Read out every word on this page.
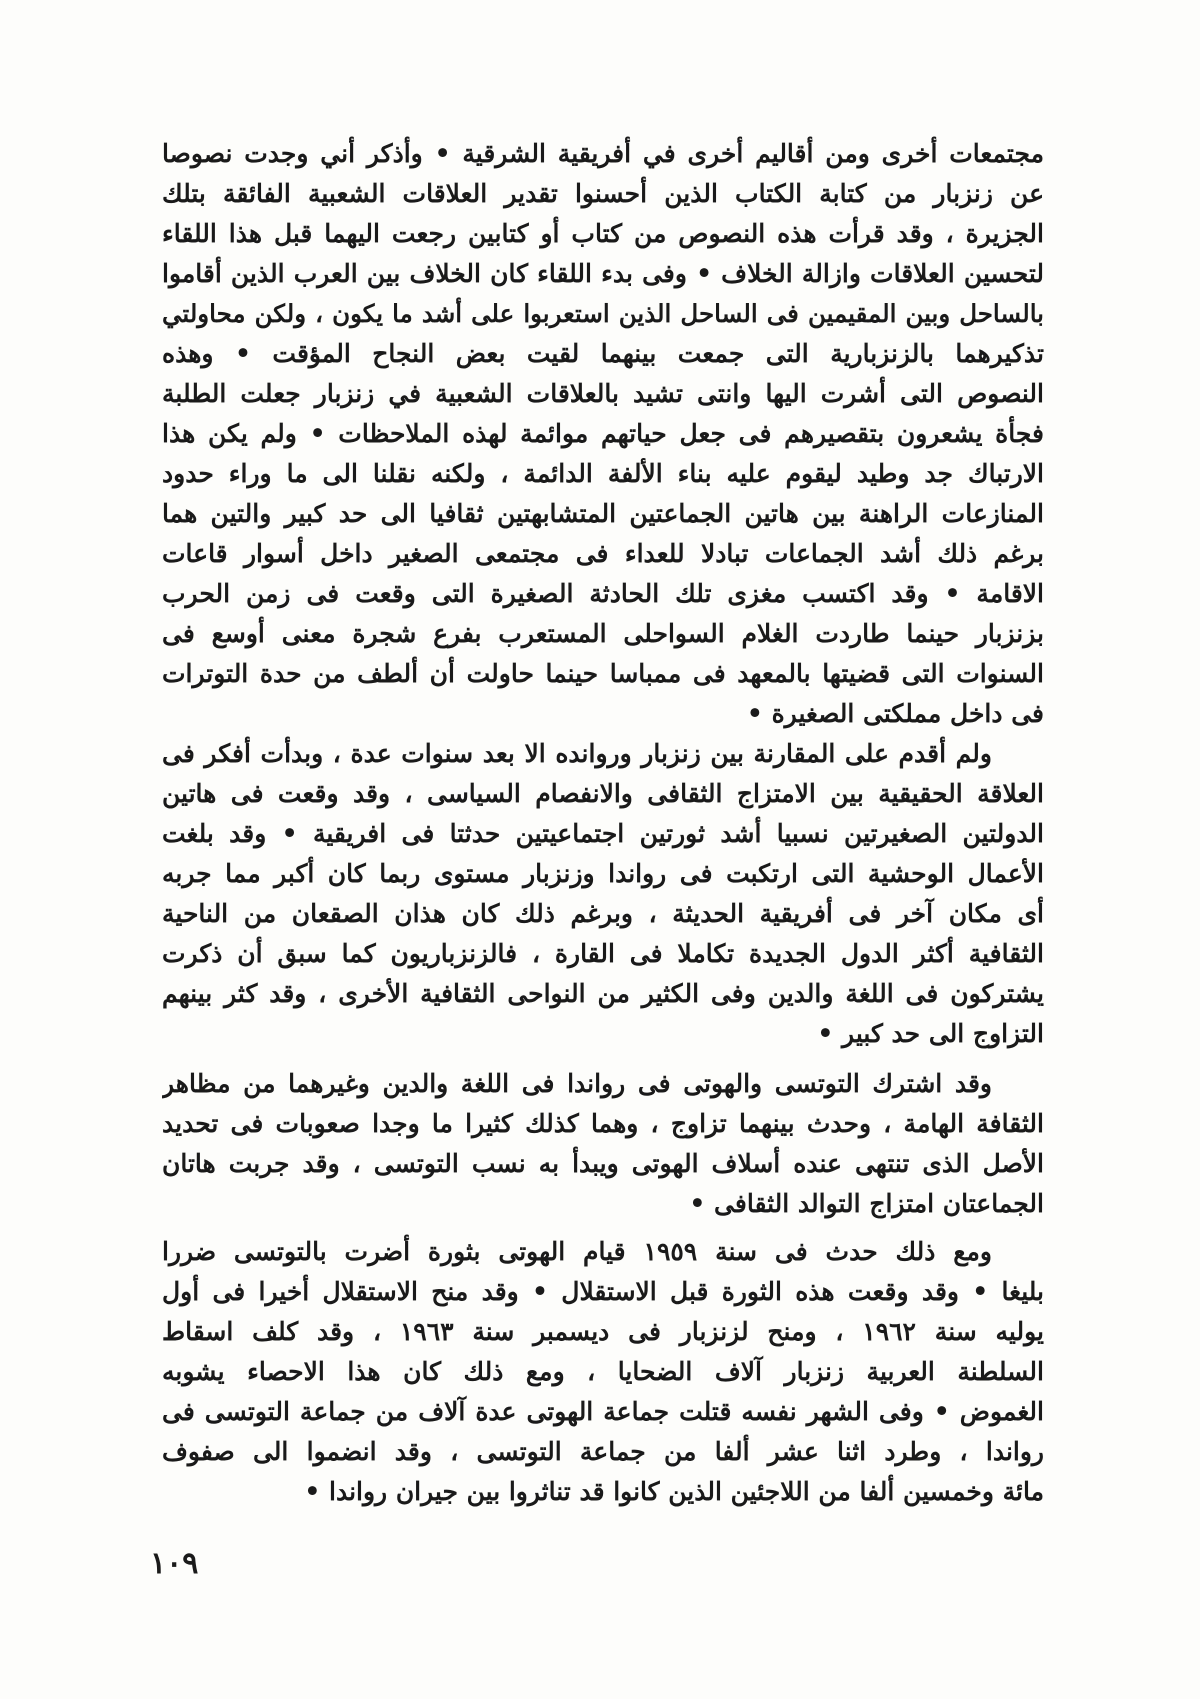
مجتمعات أخرى ومن أقاليم أخرى في أفريقية الشرقية • وأذكر أني وجدت نصوصا
عن زنزبار من كتابة الكتاب الذين أحسنوا تقدير العلاقات الشعبية الفائقة بتلك
الجزيرة ، وقد قرأت هذه النصوص من كتاب أو كتابين رجعت اليهما قبل هذا اللقاء
لتحسين العلاقات وازالة الخلاف • وفى بدء اللقاء كان الخلاف بين العرب الذين أقاموا
بالساحل وبين المقيمين فى الساحل الذين استعربوا على أشد ما يكون ، ولكن محاولتي
تذكيرهما بالزنزبارية التى جمعت بينهما لقيت بعض النجاح المؤقت • وهذه
النصوص التى أشرت اليها وانتى تشيد بالعلاقات الشعبية في زنزبار جعلت الطلبة
فجأة يشعرون بتقصيرهم فى جعل حياتهم موائمة لهذه الملاحظات • ولم يكن هذا
الارتباك جد وطيد ليقوم عليه بناء الألفة الدائمة ، ولكنه نقلنا الى ما وراء حدود
المنازعات الراهنة بين هاتين الجماعتين المتشابهتين ثقافيا الى حد كبير والتين هما
برغم ذلك أشد الجماعات تبادلا للعداء فى مجتمعى الصغير داخل أسوار قاعات
الاقامة • وقد اكتسب مغزى تلك الحادثة الصغيرة التى وقعت فى زمن الحرب
بزنزبار حينما طاردت الغلام السواحلى المستعرب بفرع شجرة معنى أوسع فى
السنوات التى قضيتها بالمعهد فى ممباسا حينما حاولت أن ألطف من حدة التوترات
فى داخل مملكتى الصغيرة •
ولم أقدم على المقارنة بين زنزبار وروانده الا بعد سنوات عدة ، وبدأت أفكر فى
العلاقة الحقيقية بين الامتزاج الثقافى والانفصام السياسى ، وقد وقعت فى هاتين
الدولتين الصغيرتين نسبيا أشد ثورتين اجتماعيتين حدثتا فى افريقية • وقد بلغت
الأعمال الوحشية التى ارتكبت فى رواندا وزنزبار مستوى ربما كان أكبر مما جربه
أى مكان آخر فى أفريقية الحديثة ، وبرغم ذلك كان هذان الصقعان من الناحية
الثقافية أكثر الدول الجديدة تكاملا فى القارة ، فالزنزباريون كما سبق أن ذكرت
يشتركون فى اللغة والدين وفى الكثير من النواحى الثقافية الأخرى ، وقد كثر بينهم
التزاوج الى حد كبير •
وقد اشترك التوتسى والهوتى فى رواندا فى اللغة والدين وغيرهما من مظاهر
الثقافة الهامة ، وحدث بينهما تزاوج ، وهما كذلك كثيرا ما وجدا صعوبات فى تحديد
الأصل الذى تنتهى عنده أسلاف الهوتى ويبدأ به نسب التوتسى ، وقد جربت هاتان
الجماعتان امتزاج التوالد الثقافى •
ومع ذلك حدث فى سنة ١٩٥٩ قيام الهوتى بثورة أضرت بالتوتسى ضررا
بليغا • وقد وقعت هذه الثورة قبل الاستقلال • وقد منح الاستقلال أخيرا فى أول
يوليه سنة ١٩٦٢ ، ومنح لزنزبار فى ديسمبر سنة ١٩٦٣ ، وقد كلف اسقاط
السلطنة العربية زنزبار آلاف الضحايا ، ومع ذلك كان هذا الاحصاء يشوبه
الغموض • وفى الشهر نفسه قتلت جماعة الهوتى عدة آلاف من جماعة التوتسى فى
رواندا ، وطرد اثنا عشر ألفا من جماعة التوتسى ، وقد انضموا الى صفوف
مائة وخمسين ألفا من اللاجئين الذين كانوا قد تناثروا بين جيران رواندا •
١٠٩
